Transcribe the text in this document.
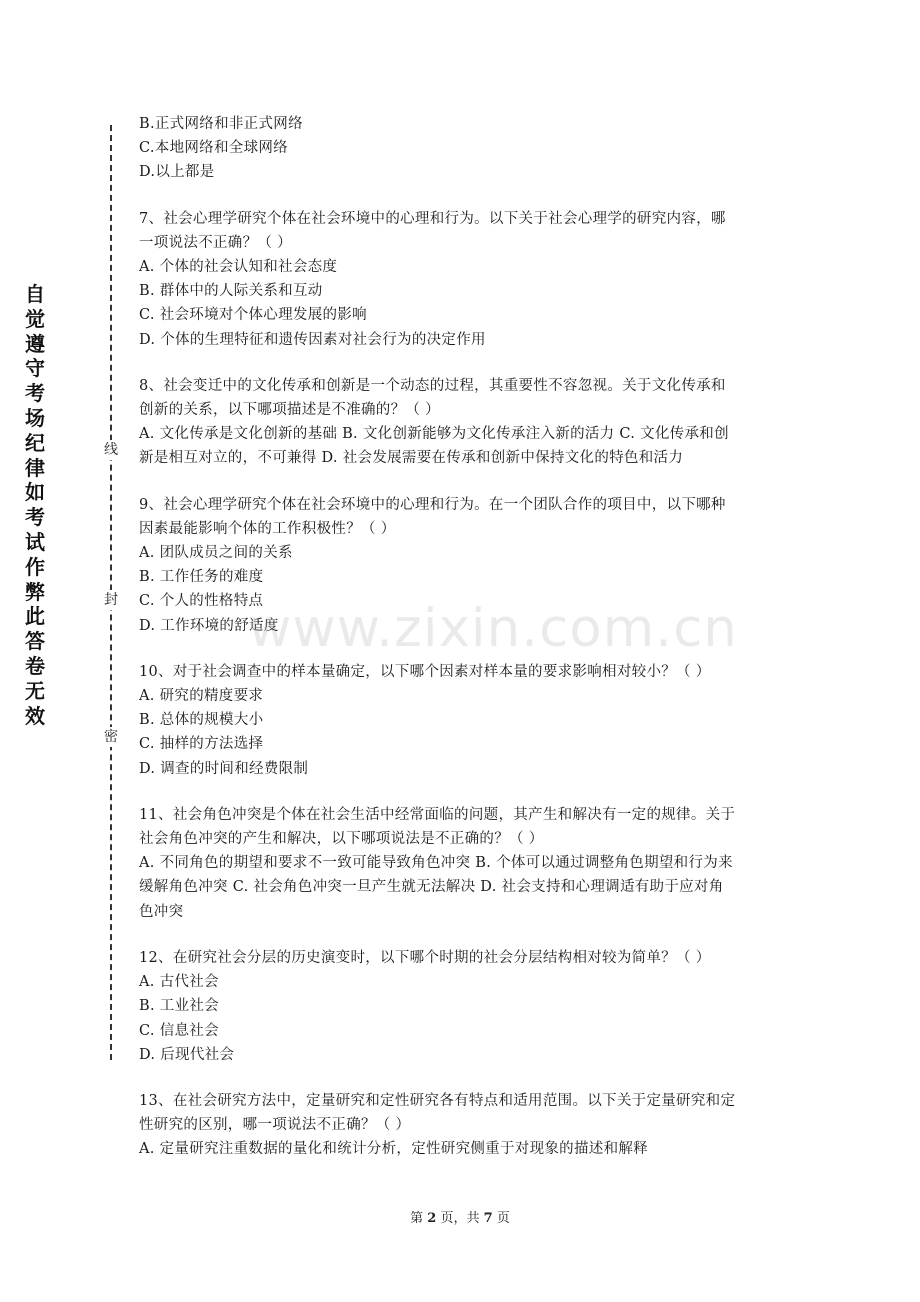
自觉遵守考场纪律如考试作弊此答卷无效
线
封
密
B.正式网络和非正式网络
C.本地网络和全球网络
D.以上都是
7、社会心理学研究个体在社会环境中的心理和行为。以下关于社会心理学的研究内容，哪
一项说法不正确？（ ）
A. 个体的社会认知和社会态度
B. 群体中的人际关系和互动
C. 社会环境对个体心理发展的影响
D. 个体的生理特征和遗传因素对社会行为的决定作用
8、社会变迁中的文化传承和创新是一个动态的过程，其重要性不容忽视。关于文化传承和
创新的关系，以下哪项描述是不准确的？（ ）
A. 文化传承是文化创新的基础 B. 文化创新能够为文化传承注入新的活力 C. 文化传承和创
新是相互对立的，不可兼得 D. 社会发展需要在传承和创新中保持文化的特色和活力
9、社会心理学研究个体在社会环境中的心理和行为。在一个团队合作的项目中，以下哪种
因素最能影响个体的工作积极性？（ ）
A. 团队成员之间的关系
B. 工作任务的难度
C. 个人的性格特点
D. 工作环境的舒适度
10、对于社会调查中的样本量确定，以下哪个因素对样本量的要求影响相对较小？（ ）
A. 研究的精度要求
B. 总体的规模大小
C. 抽样的方法选择
D. 调查的时间和经费限制
11、社会角色冲突是个体在社会生活中经常面临的问题，其产生和解决有一定的规律。关于
社会角色冲突的产生和解决，以下哪项说法是不正确的？（ ）
A. 不同角色的期望和要求不一致可能导致角色冲突 B. 个体可以通过调整角色期望和行为来
缓解角色冲突 C. 社会角色冲突一旦产生就无法解决 D. 社会支持和心理调适有助于应对角
色冲突
12、在研究社会分层的历史演变时，以下哪个时期的社会分层结构相对较为简单？（ ）
A. 古代社会
B. 工业社会
C. 信息社会
D. 后现代社会
13、在社会研究方法中，定量研究和定性研究各有特点和适用范围。以下关于定量研究和定
性研究的区别，哪一项说法不正确？（ ）
A. 定量研究注重数据的量化和统计分析，定性研究侧重于对现象的描述和解释
www.zixin.com.cn
第 2 页，共 7 页
